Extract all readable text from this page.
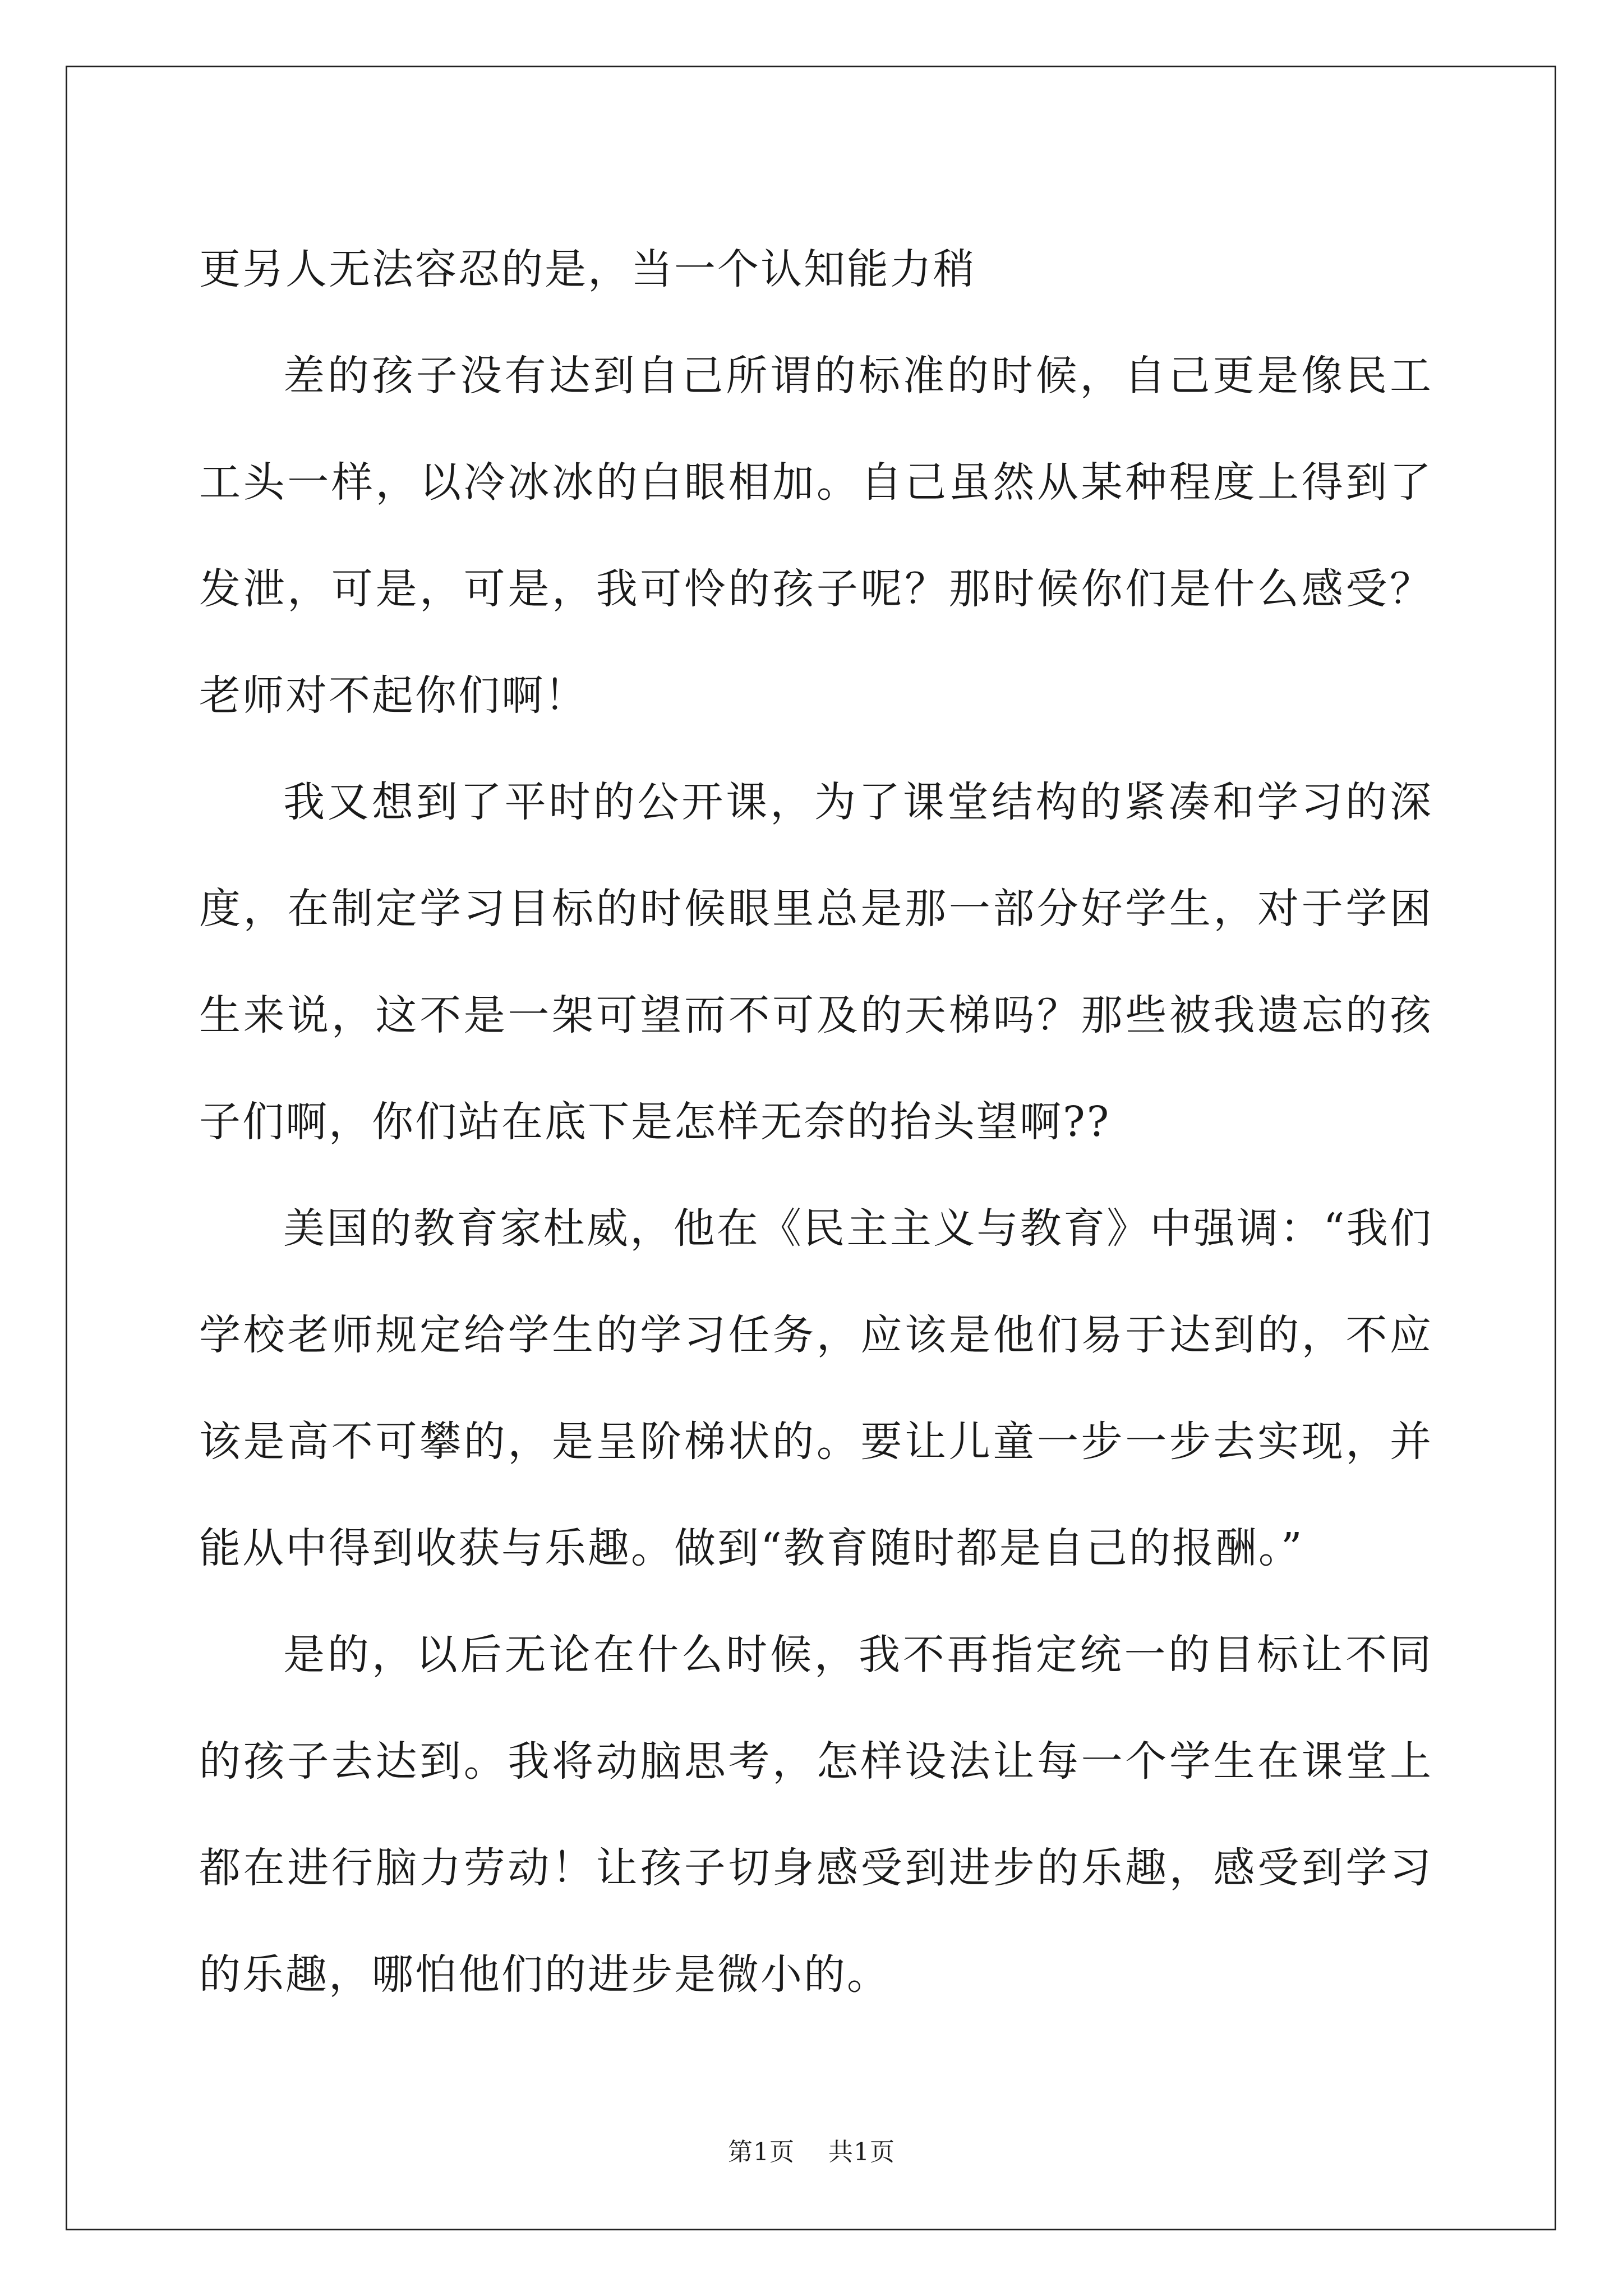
更另人无法容忍的是，当一个认知能力稍

差的孩子没有达到自己所谓的标准的时候，自己更是像民工工头一样，以冷冰冰的白眼相加。自己虽然从某种程度上得到了发泄，可是，可是，我可怜的孩子呢？那时候你们是什么感受？老师对不起你们啊！

我又想到了平时的公开课，为了课堂结构的紧凑和学习的深度，在制定学习目标的时候眼里总是那一部分好学生，对于学困生来说，这不是一架可望而不可及的天梯吗？那些被我遗忘的孩子们啊，你们站在底下是怎样无奈的抬头望啊??

美国的教育家杜威，他在《民主主义与教育》中强调：“我们学校老师规定给学生的学习任务，应该是他们易于达到的，不应该是高不可攀的，是呈阶梯状的。要让儿童一步一步去实现，并能从中得到收获与乐趣。做到“教育随时都是自己的报酬。”

是的，以后无论在什么时候，我不再指定统一的目标让不同的孩子去达到。我将动脑思考，怎样设法让每一个学生在课堂上都在进行脑力劳动！让孩子切身感受到进步的乐趣，感受到学习的乐趣，哪怕他们的进步是微小的。

第1页 共1页
